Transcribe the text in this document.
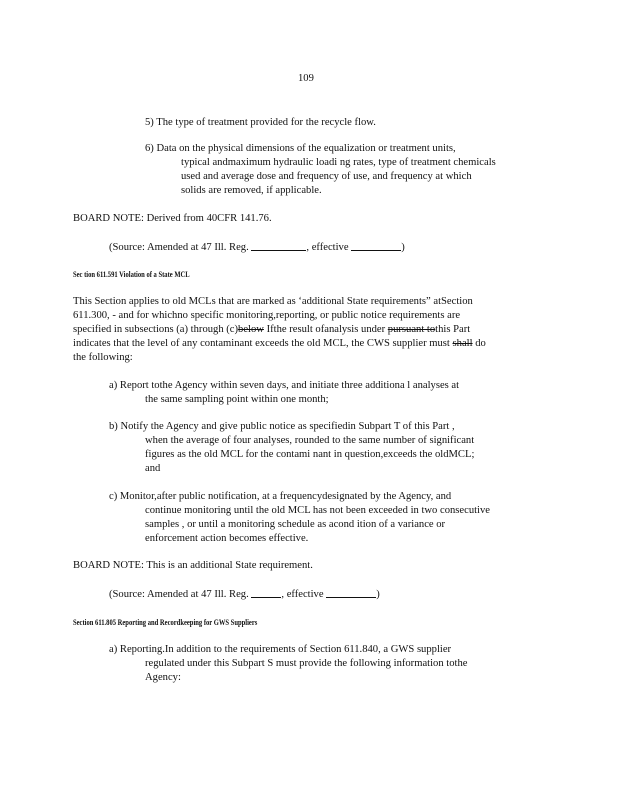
109
5) The type of treatment provided for the recycle flow.
6) Data on the physical dimensions of the equalization or treatment units,
typical andmaximum hydraulic loadi ng rates, type of treatment chemicals
used and average dose and frequency of use, and frequency at which
solids are removed, if applicable.
BOARD NOTE: Derived from 40CFR 141.76.
(Source: Amended at 47 Ill. Reg.	, effective	)
Sec tion 611.591 Violation of a State MCL
This Section applies to old MCLs that are marked as ‘additional State requirements” atSection
611.300, - and for whichno specific monitoring,reporting, or public notice requirements are
specified in subsections (a) through (c)below Ifthe result ofanalysis under pursuant tothis Part
indicates that the level of any contaminant exceeds the old MCL, the CWS supplier must shall do
the following:
a) Report tothe Agency within seven days, and initiate three additiona l analyses at
the same sampling point within one month;
b) Notify the Agency and give public notice as specifiedin Subpart T of this Part ,
when the average of four analyses, rounded to the same number of significant
figures as the old MCL for the contami nant in question,exceeds the oldMCL;
and
c) Monitor,after public notification, at a frequencydesignated by the Agency, and
continue monitoring until the old MCL has not been exceeded in two consecutive
samples , or until a monitoring schedule as acond ition of a variance or
enforcement action becomes effective.
BOARD NOTE: This is an additional State requirement.
(Source: Amended at 47 Ill. Reg.	, effective	)
Section 611.805 Reporting and Recordkeeping for GWS Suppliers
a) Reporting.In addition to the requirements of Section 611.840, a GWS supplier
regulated under this Subpart S must provide the following information tothe
Agency:
